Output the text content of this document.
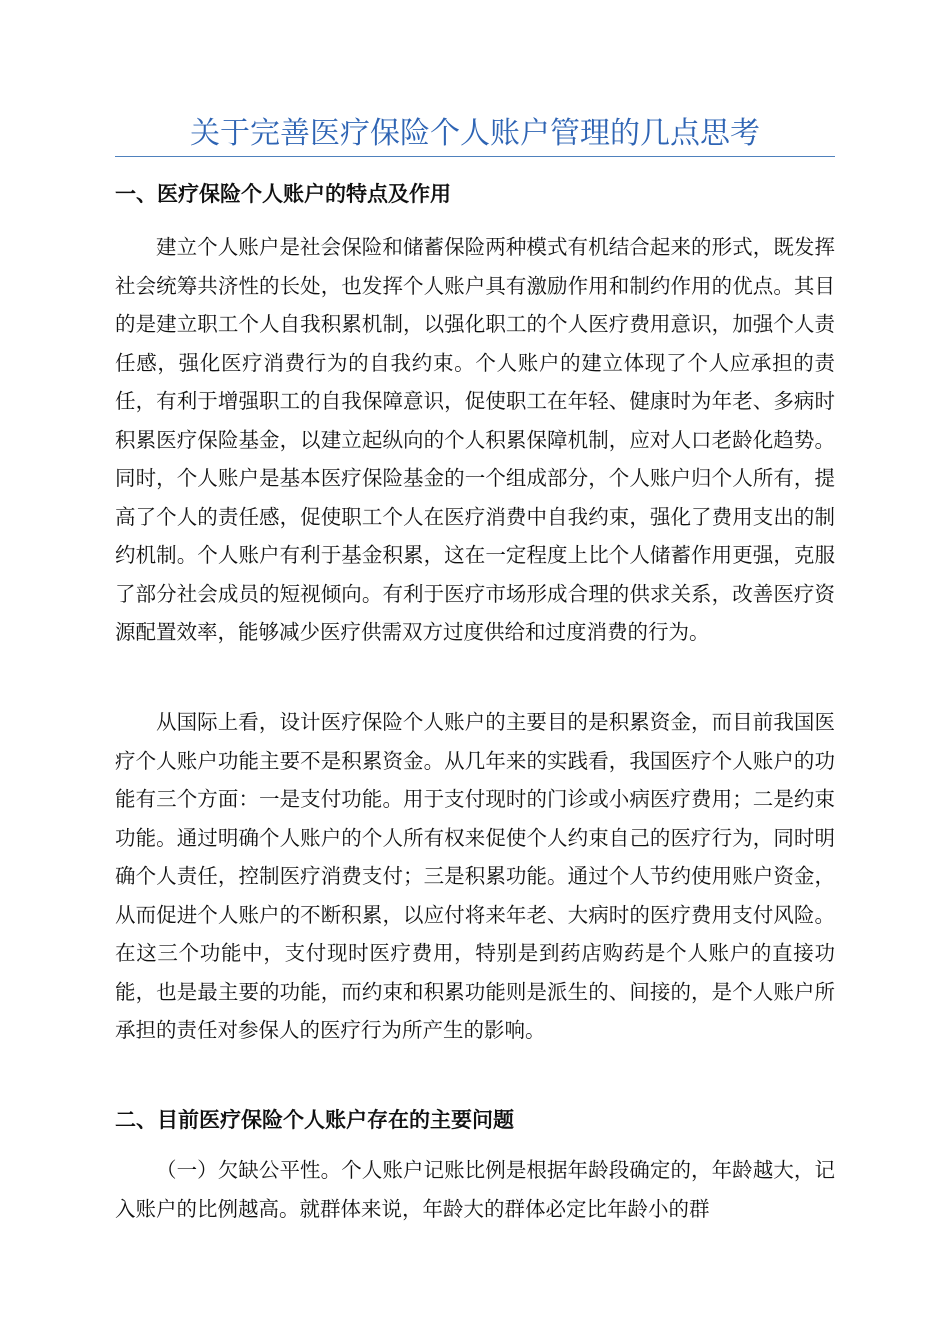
关于完善医疗保险个人账户管理的几点思考
一、医疗保险个人账户的特点及作用

建立个人账户是社会保险和储蓄保险两种模式有机结合起来的形式，既发挥社会统筹共济性的长处，也发挥个人账户具有激励作用和制约作用的优点。其目的是建立职工个人自我积累机制，以强化职工的个人医疗费用意识，加强个人责任感，强化医疗消费行为的自我约束。个人账户的建立体现了个人应承担的责任，有利于增强职工的自我保障意识，促使职工在年轻、健康时为年老、多病时积累医疗保险基金，以建立起纵向的个人积累保障机制，应对人口老龄化趋势。同时，个人账户是基本医疗保险基金的一个组成部分，个人账户归个人所有，提高了个人的责任感，促使职工个人在医疗消费中自我约束，强化了费用支出的制约机制。个人账户有利于基金积累，这在一定程度上比个人储蓄作用更强，克服了部分社会成员的短视倾向。有利于医疗市场形成合理的供求关系，改善医疗资源配置效率，能够减少医疗供需双方过度供给和过度消费的行为。

从国际上看，设计医疗保险个人账户的主要目的是积累资金，而目前我国医疗个人账户功能主要不是积累资金。从几年来的实践看，我国医疗个人账户的功能有三个方面：一是支付功能。用于支付现时的门诊或小病医疗费用；二是约束功能。通过明确个人账户的个人所有权来促使个人约束自己的医疗行为，同时明确个人责任，控制医疗消费支付；三是积累功能。通过个人节约使用账户资金，从而促进个人账户的不断积累，以应付将来年老、大病时的医疗费用支付风险。在这三个功能中，支付现时医疗费用，特别是到药店购药是个人账户的直接功能，也是最主要的功能，而约束和积累功能则是派生的、间接的，是个人账户所承担的责任对参保人的医疗行为所产生的影响。

二、目前医疗保险个人账户存在的主要问题

（一）欠缺公平性。个人账户记账比例是根据年龄段确定的，年龄越大，记入账户的比例越高。就群体来说，年龄大的群体必定比年龄小的群
